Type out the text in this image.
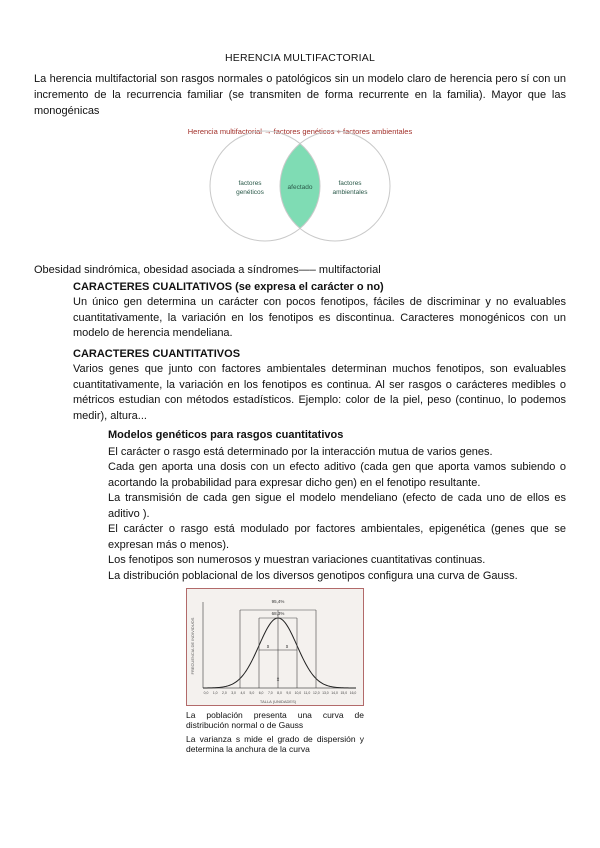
HERENCIA MULTIFACTORIAL
La herencia multifactorial son rasgos normales o patológicos sin un modelo claro de herencia pero sí con un incremento de la recurrencia familiar (se transmiten de forma recurrente en la familia). Mayor que las monogénicas
Herencia multifactorial → factores genéticos + factores ambientales
factores
genéticos
afectado
factores
ambientales
Obesidad sindrómica, obesidad asociada a síndromes—– multifactorial
CARACTERES CUALITATIVOS (se expresa el carácter o no)
Un único gen determina un carácter con pocos fenotipos, fáciles de discriminar y no evaluables cuantitativamente, la variación en los fenotipos es discontinua. Caracteres monogénicos con un modelo de herencia mendeliana.
CARACTERES CUANTITATIVOS
Varios genes que junto con factores ambientales determinan muchos fenotipos, son evaluables cuantitativamente, la variación en los fenotipos es continua. Al ser rasgos o carácteres medibles o métricos estudian con métodos estadísticos. Ejemplo: color de la piel, peso (continuo, lo podemos medir), altura...

Modelos genéticos para rasgos cuantitativos

El carácter o rasgo está determinado por la interacción mutua de varios genes.

Cada gen aporta una dosis con un efecto aditivo (cada gen que aporta vamos subiendo o acortando la probabilidad para expresar dicho gen) en el fenotipo resultante.

La transmisión de cada gen sigue el modelo mendeliano (efecto de cada uno de ellos es aditivo ).

El carácter o rasgo está modulado por factores ambientales, epigenética (genes que se expresan más o menos).

Los fenotipos son numerosos y muestran variaciones cuantitativas continuas.

La distribución poblacional de los diversos genotipos configura una curva de Gauss.

FRECUENCIA DE INDIVIDUOS
95,4%
68,3%
s	s
x̄
0,0 1,0 2,0 3,0 4,0 5,0 6,0 7,0 8,0 9,0 10,0 11,0 12,0 13,0 14,0 15,0 16,0
TALLA (UNIDADES)
La población presenta una curva de distribución normal o de Gauss
La varianza s mide el grado de dispersión y determina la anchura de la curva
